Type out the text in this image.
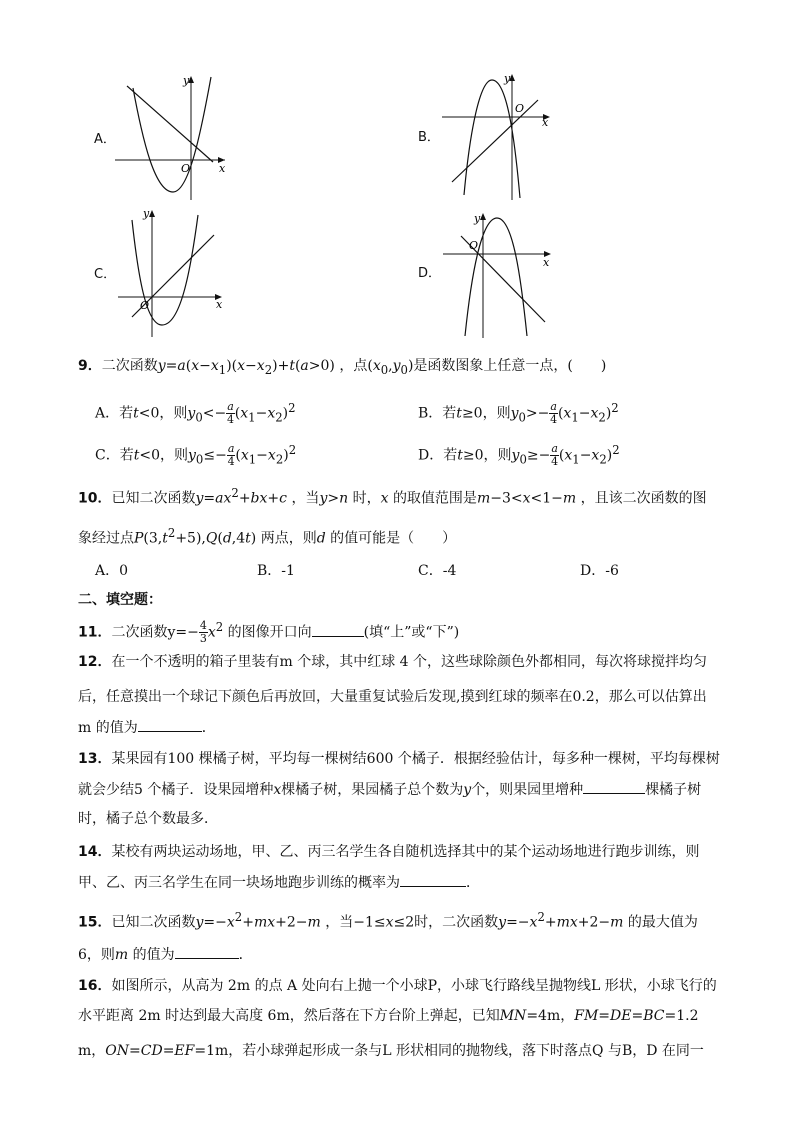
A．
O	x
y
B．
O
x
y
C．
O	x
y
D．
O
x
y
9．二次函数$y=a(x-x_1)(x-x_2)+t(a>0)$ ，点$(x_0,y_0)$是函数图象上任意一点，(　　)
A．若t<0，则$y_0<- \frac{a}{4} (x_1-x_2)^2$	B．若t≥0，则$y_0>- \frac{a}{4} (x_1-x_2)^2$
C．若t<0，则$y_0\le- \frac{a}{4} (x_1-x_2)^2$	D．若t≥0，则$y_0\ge- \frac{a}{4} (x_1-x_2)^2$
10．已知二次函数$y=ax^2+bx+c$ ，当y>n 时，x 的取值范围是m−3<x<1−m ，且该二次函数的图
象经过点$P(3,t^2+5),Q(d,4t)$ 两点，则d 的值可能是（　　）
A．0	B．-1	C．-4	D．-6
二、填空题：
11．二次函数$y=- \frac{4}{3} x^2$ 的图像开口向	(填“上”或“下”)
12．在一个不透明的箱子里装有m 个球，其中红球 4 个，这些球除颜色外都相同，每次将球搅拌均匀
后，任意摸出一个球记下颜色后再放回，大量重复试验后发现,摸到红球的频率在0.2，那么可以估算出
m 的值为	．
13．某果园有100 棵橘子树，平均每一棵树结600 个橘子．根据经验估计，每多种一棵树，平均每棵树
就会少结5 个橘子．设果园增种x棵橘子树，果园橘子总个数为y个，则果园里增种	棵橘子树
时，橘子总个数最多．
14．某校有两块运动场地，甲、乙、丙三名学生各自随机选择其中的某个运动场地进行跑步训练，则
甲、乙、丙三名学生在同一块场地跑步训练的概率为	．
15．已知二次函数$y=-x^2+mx+2-m$ ，当−1≤x≤2时，二次函数$y=-x^2+mx+2-m$ 的最大值为
6，则m 的值为	．
16．如图所示，从高为 2m 的点 A 处向右上抛一个小球P，小球飞行路线呈抛物线L 形状，小球飞行的
水平距离 2m 时达到最大高度 6m，然后落在下方台阶上弹起，已知MN=4m，FM=DE=BC=1.2
m，ON=CD=EF=1m，若小球弹起形成一条与L 形状相同的抛物线，落下时落点Q 与B，D 在同一
